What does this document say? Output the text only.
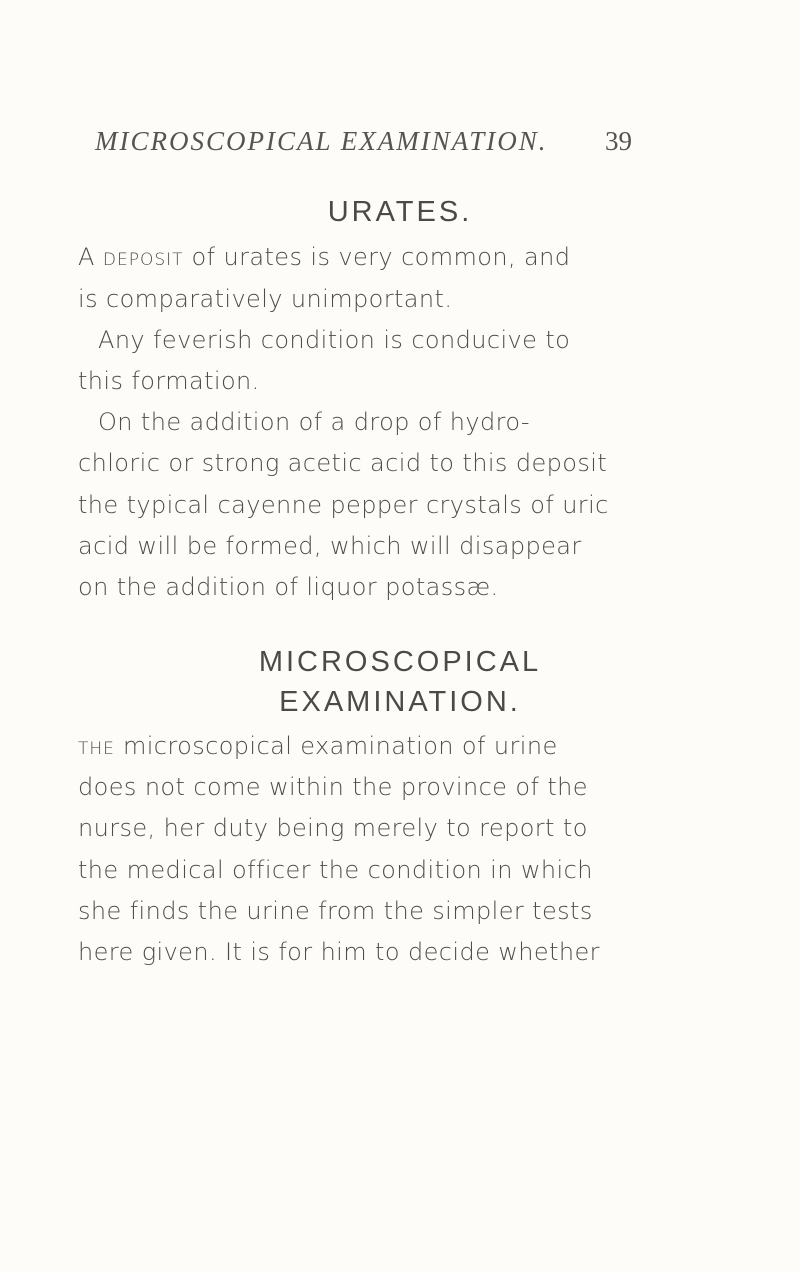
MICROSCOPICAL EXAMINATION. 39
URATES.
A DEPOSIT of urates is very common, and
is comparatively unimportant.
Any feverish condition is conducive to
this formation.
On the addition of a drop of hydro-
chloric or strong acetic acid to this deposit
the typical cayenne pepper crystals of uric
acid will be formed, which will disappear
on the addition of liquor potassæ.
MICROSCOPICAL
EXAMINATION.
THE microscopical examination of urine
does not come within the province of the
nurse, her duty being merely to report to
the medical officer the condition in which
she finds the urine from the simpler tests
here given. It is for him to decide whether
